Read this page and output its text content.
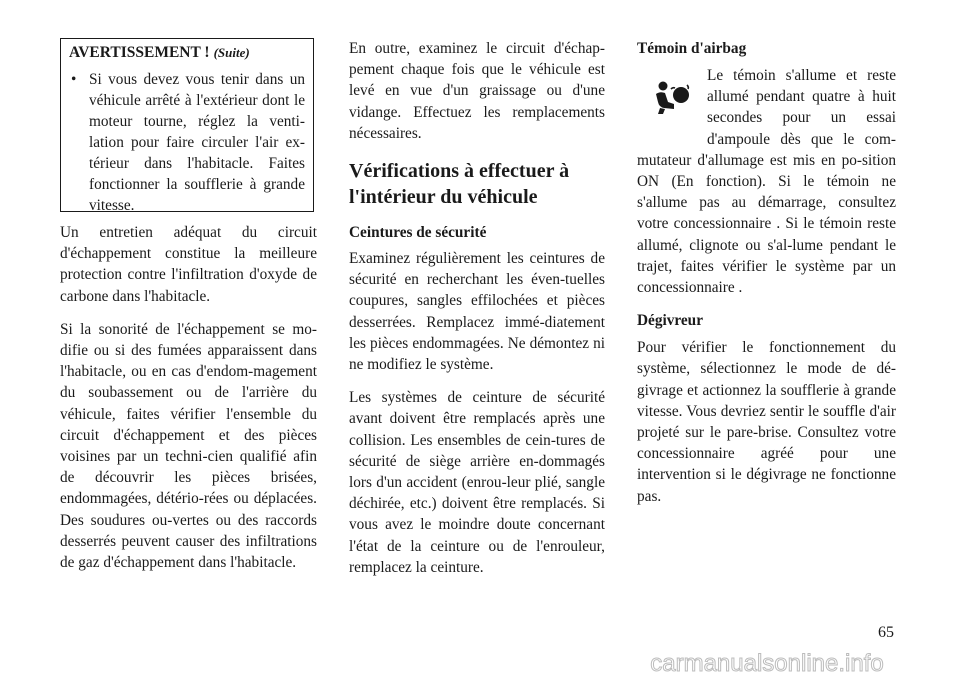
AVERTISSEMENT ! (Suite)
• Si vous devez vous tenir dans un véhicule arrêté à l'extérieur dont le moteur tourne, réglez la venti-lation pour faire circuler l'air ex-térieur dans l'habitacle. Faites fonctionner la soufflerie à grande vitesse.

Un entretien adéquat du circuit d'échappement constitue la meilleure protection contre l'infiltration d'oxyde de carbone dans l'habitacle.

Si la sonorité de l'échappement se mo-difie ou si des fumées apparaissent dans l'habitacle, ou en cas d'endom-magement du soubassement ou de l'arrière du véhicule, faites vérifier l'ensemble du circuit d'échappement et des pièces voisines par un techni-cien qualifié afin de découvrir les pièces brisées, endommagées, détério-rées ou déplacées. Des soudures ou-vertes ou des raccords desserrés peuvent causer des infiltrations de gaz d'échappement dans l'habitacle.

En outre, examinez le circuit d'échap-pement chaque fois que le véhicule est levé en vue d'un graissage ou d'une vidange. Effectuez les remplacements nécessaires.

Vérifications à effectuer à l'intérieur du véhicule
Ceintures de sécurité

Examinez régulièrement les ceintures de sécurité en recherchant les éven-tuelles coupures, sangles effilochées et pièces desserrées. Remplacez immé-diatement les pièces endommagées. Ne démontez ni ne modifiez le système.

Les systèmes de ceinture de sécurité avant doivent être remplacés après une collision. Les ensembles de cein-tures de sécurité de siège arrière en-dommagés lors d'un accident (enrou-leur plié, sangle déchirée, etc.) doivent être remplacés. Si vous avez le moindre doute concernant l'état de la ceinture ou de l'enrouleur, remplacez la ceinture.

Témoin d'airbag

Le témoin s'allume et reste allumé pendant quatre à huit secondes pour un essai d'ampoule dès que le com-mutateur d'allumage est mis en po-sition ON (En fonction). Si le témoin ne s'allume pas au démarrage, consultez votre concessionnaire . Si le témoin reste allumé, clignote ou s'al-lume pendant le trajet, faites vérifier le système par un concessionnaire .

Dégivreur

Pour vérifier le fonctionnement du système, sélectionnez le mode de dé-givrage et actionnez la soufflerie à grande vitesse. Vous devriez sentir le souffle d'air projeté sur le pare-brise. Consultez votre concessionnaire agréé pour une intervention si le dégivrage ne fonctionne pas.

65
carmanualsonline.info
